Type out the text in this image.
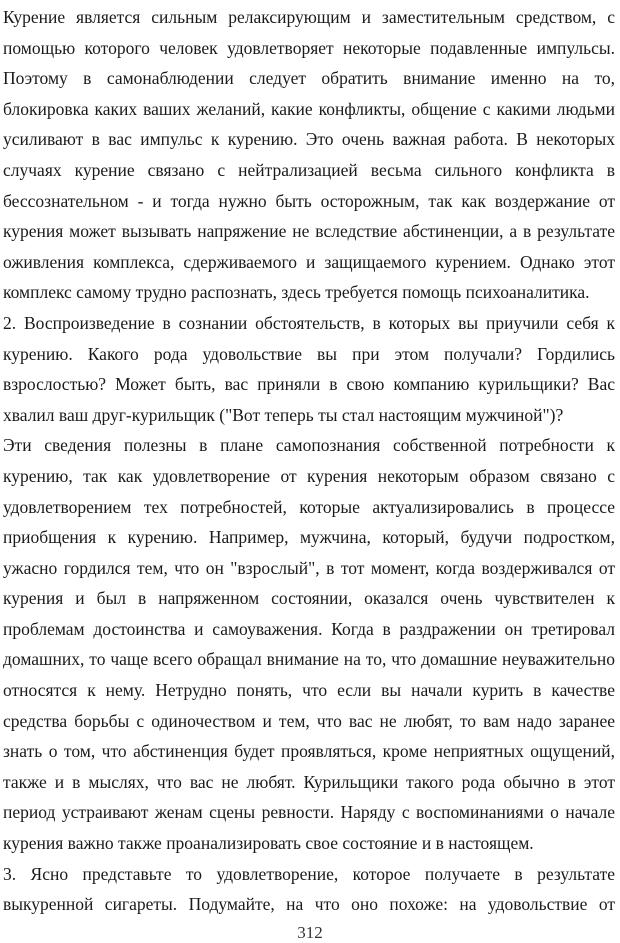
Курение является сильным релаксирующим и заместительным средством, с
помощью которого человек удовлетворяет некоторые подавленные импульсы.
Поэтому в самонаблюдении следует обратить внимание именно на то,
блокировка каких ваших желаний, какие конфликты, общение с какими людьми
усиливают в вас импульс к курению. Это очень важная работа. В некоторых
случаях курение связано с нейтрализацией весьма сильного конфликта в
бессознательном - и тогда нужно быть осторожным, так как воздержание от
курения может вызывать напряжение не вследствие абстиненции, а в результате
оживления комплекса, сдерживаемого и защищаемого курением. Однако этот
комплекс самому трудно распознать, здесь требуется помощь психоаналитика.
2. Воспроизведение в сознании обстоятельств, в которых вы приучили себя к
курению. Какого рода удовольствие вы при этом получали? Гордились
взрослостью? Может быть, вас приняли в свою компанию курильщики? Вас
хвалил ваш друг-курильщик ("Вот теперь ты стал настоящим мужчиной")?
Эти сведения полезны в плане самопознания собственной потребности к
курению, так как удовлетворение от курения некоторым образом связано с
удовлетворением тех потребностей, которые актуализировались в процессе
приобщения к курению. Например, мужчина, который, будучи подростком,
ужасно гордился тем, что он "взрослый", в тот момент, когда воздерживался от
курения и был в напряженном состоянии, оказался очень чувствителен к
проблемам достоинства и самоуважения. Когда в раздражении он третировал
домашних, то чаще всего обращал внимание на то, что домашние неуважительно
относятся к нему. Нетрудно понять, что если вы начали курить в качестве
средства борьбы с одиночеством и тем, что вас не любят, то вам надо заранее
знать о том, что абстиненция будет проявляться, кроме неприятных ощущений,
также и в мыслях, что вас не любят. Курильщики такого рода обычно в этот
период устраивают женам сцены ревности. Наряду с воспоминаниями о начале
курения важно также проанализировать свое состояние и в настоящем.
3. Ясно представьте то удовлетворение, которое получаете в результате
выкуренной сигареты. Подумайте, на что оно похоже: на удовольствие от
312
